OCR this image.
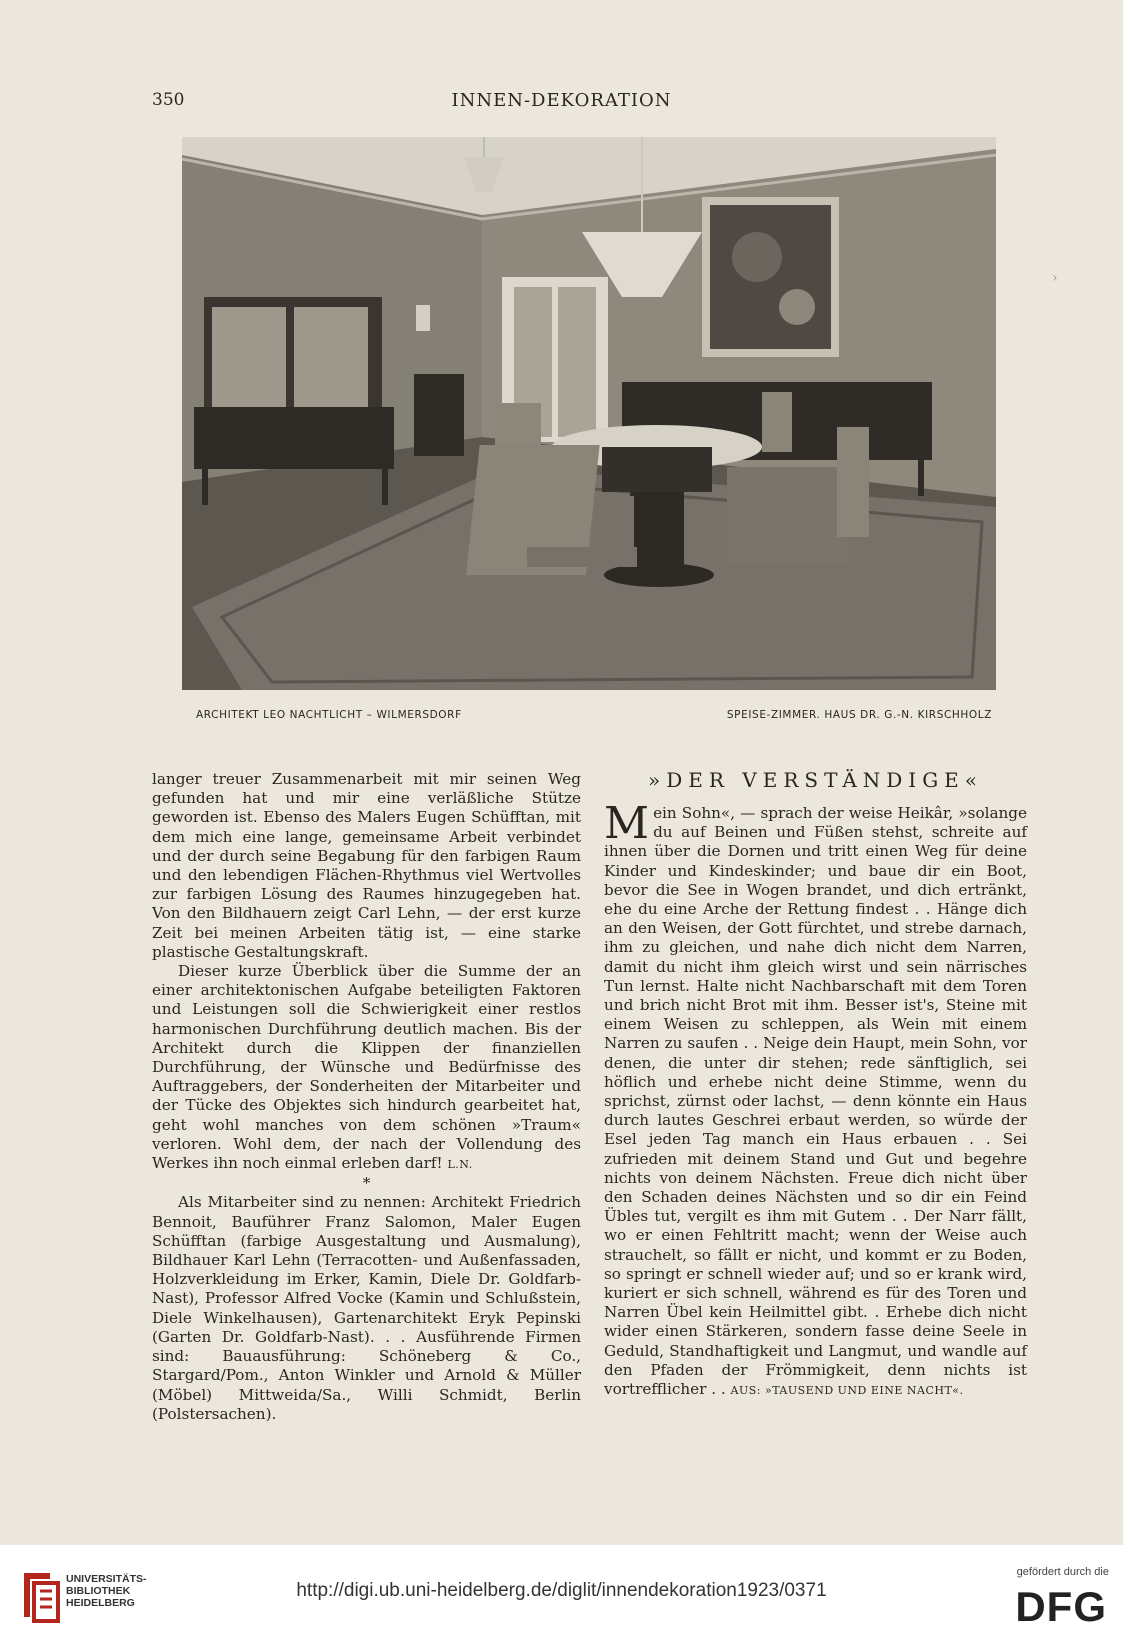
350	INNEN-DEKORATION
ARCHITEKT LEO NACHTLICHT – WILMERSDORF	SPEISE-ZIMMER. HAUS DR. G.-N. KIRSCHHOLZ

langer treuer Zusammenarbeit mit mir seinen Weg gefunden hat und mir eine verläßliche Stütze geworden ist. Ebenso des Malers Eugen Schüfftan, mit dem mich eine lange, gemeinsame Arbeit verbindet und der durch seine Begabung für den farbigen Raum und den lebendigen Flächen-Rhythmus viel Wertvolles zur farbigen Lösung des Raumes hinzugegeben hat. Von den Bildhauern zeigt Carl Lehn, — der erst kurze Zeit bei meinen Arbeiten tätig ist, — eine starke plastische Gestaltungskraft.

Dieser kurze Überblick über die Summe der an einer architektonischen Aufgabe beteiligten Faktoren und Leistungen soll die Schwierigkeit einer restlos harmonischen Durchführung deutlich machen. Bis der Architekt durch die Klippen der finanziellen Durchführung, der Wünsche und Bedürfnisse des Auftraggebers, der Sonderheiten der Mitarbeiter und der Tücke des Objektes sich hindurch gearbeitet hat, geht wohl manches von dem schönen »Traum« verloren. Wohl dem, der nach der Vollendung des Werkes ihn noch einmal erleben darf! L.N.

*

Als Mitarbeiter sind zu nennen: Architekt Friedrich Bennoit, Bauführer Franz Salomon, Maler Eugen Schüfftan (farbige Ausgestaltung und Ausmalung), Bildhauer Karl Lehn (Terracotten- und Außenfassaden, Holzverkleidung im Erker, Kamin, Diele Dr. Goldfarb-Nast), Professor Alfred Vocke (Kamin und Schlußstein, Diele Winkelhausen), Gartenarchitekt Eryk Pepinski (Garten Dr. Goldfarb-Nast). . . Ausführende Firmen sind: Bauausführung: Schöneberg & Co., Stargard/Pom., Anton Winkler und Arnold & Müller (Möbel) Mittweida/Sa., Willi Schmidt, Berlin (Polstersachen).

»DER VERSTÄNDIGE«
M ein Sohn«, — sprach der weise Heikâr, »solange du auf Beinen und Füßen stehst, schreite auf ihnen über die Dornen und tritt einen Weg für deine Kinder und Kindeskinder; und baue dir ein Boot, bevor die See in Wogen brandet, und dich ertränkt, ehe du eine Arche der Rettung findest . . Hänge dich an den Weisen, der Gott fürchtet, und strebe darnach, ihm zu gleichen, und nahe dich nicht dem Narren, damit du nicht ihm gleich wirst und sein närrisches Tun lernst. Halte nicht Nachbarschaft mit dem Toren und brich nicht Brot mit ihm. Besser ist's, Steine mit einem Weisen zu schleppen, als Wein mit einem Narren zu saufen . . Neige dein Haupt, mein Sohn, vor denen, die unter dir stehen; rede sänftiglich, sei höflich und erhebe nicht deine Stimme, wenn du sprichst, zürnst oder lachst, — denn könnte ein Haus durch lautes Geschrei erbaut werden, so würde der Esel jeden Tag manch ein Haus erbauen . . Sei zufrieden mit deinem Stand und Gut und begehre nichts von deinem Nächsten. Freue dich nicht über den Schaden deines Nächsten und so dir ein Feind Übles tut, vergilt es ihm mit Gutem . . Der Narr fällt, wo er einen Fehltritt macht; wenn der Weise auch strauchelt, so fällt er nicht, und kommt er zu Boden, so springt er schnell wieder auf; und so er krank wird, kuriert er sich schnell, während es für des Toren und Narren Übel kein Heilmittel gibt. . Erhebe dich nicht wider einen Stärkeren, sondern fasse deine Seele in Geduld, Standhaftigkeit und Langmut, und wandle auf den Pfaden der Frömmigkeit, denn nichts ist vortrefflicher . . AUS: »TAUSEND UND EINE NACHT«.
›
UNIVERSITÄTS-
BIBLIOTHEK
HEIDELBERG
http://digi.ub.uni-heidelberg.de/diglit/innendekoration1923/0371
gefördert durch die
DFG
